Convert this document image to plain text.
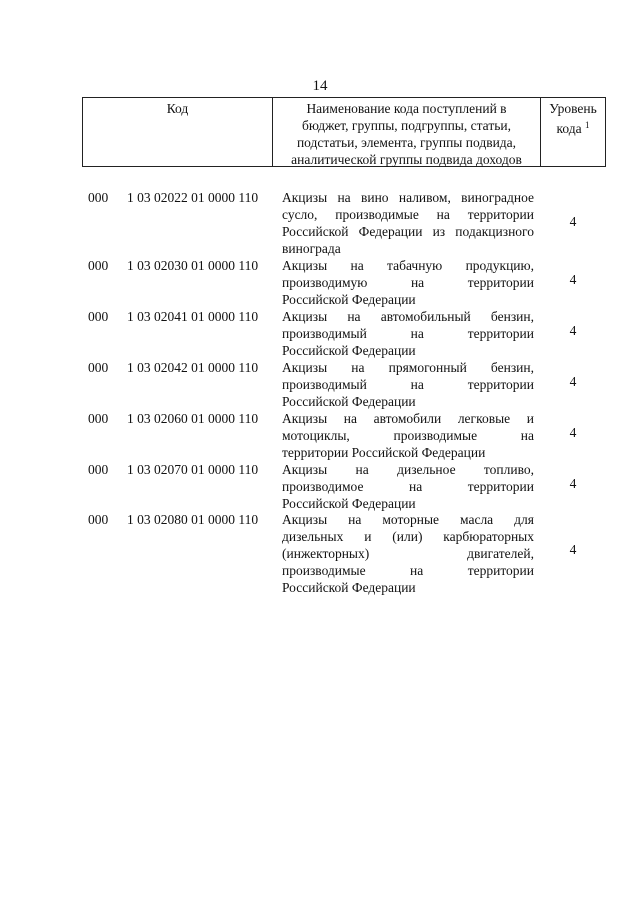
14
Код	Наименование кода поступлений в
бюджет, группы, подгруппы, статьи,
подстатьи, элемента, группы подвида,
аналитической группы подвида доходов
Уровень
кода $^1$
000 1 03 02022 01 0000 110 Акцизы на вино наливом, виноградное
сусло, производимые на территории
Российской Федерации из подакцизного
винограда
4
000 1 03 02030 01 0000 110 Акцизы на табачную продукцию,
производимую на территории
Российской Федерации
4
000 1 03 02041 01 0000 110 Акцизы на автомобильный бензин,
производимый на территории
Российской Федерации
4
000 1 03 02042 01 0000 110 Акцизы на прямогонный бензин,
производимый на территории
Российской Федерации
4
000 1 03 02060 01 0000 110 Акцизы на автомобили легковые и
мотоциклы, производимые на
территории Российской Федерации
4
000 1 03 02070 01 0000 110 Акцизы на дизельное топливо,
производимое на территории
Российской Федерации
4
000 1 03 02080 01 0000 110 Акцизы на моторные масла для
дизельных и (или) карбюраторных
(инжекторных) двигателей,
производимые на территории
Российской Федерации
4
